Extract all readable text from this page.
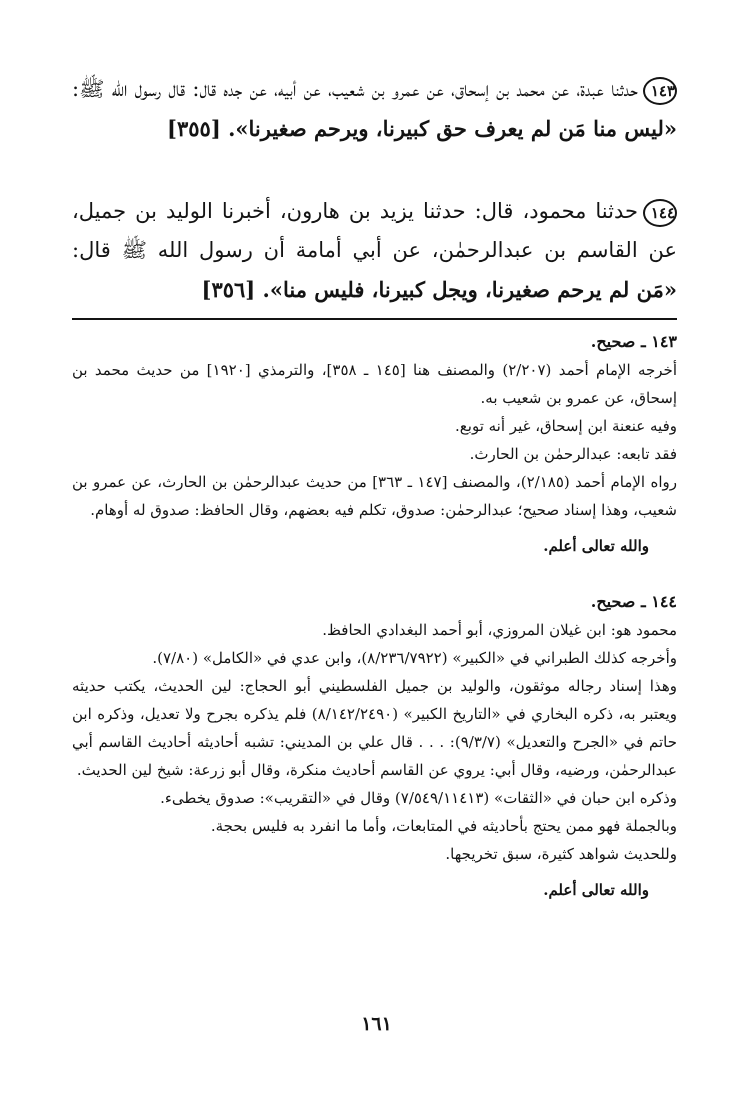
١٤٣حدثنا عبدة، عن محمد بن إسحاق، عن عمرو بن شعيب، عن أبيه، عن جده قال: قال رسول الله ﷺ: «ليس منا مَن لم يعرف حق كبيرنا، ويرحم صغيرنا». [٣٥٥]
١٤٤حدثنا محمود، قال: حدثنا يزيد بن هارون، أخبرنا الوليد بن جميل، عن القاسم بن عبدالرحمٰن، عن أبي أمامة أن رسول الله ﷺ قال: «مَن لم يرحم صغيرنا، ويجل كبيرنا، فليس منا». [٣٥٦]

١٤٣ ـ صحيح.

أخرجه الإمام أحمد (٢/٢٠٧) والمصنف هنا [١٤٥ ـ ٣٥٨]، والترمذي [١٩٢٠] من حديث محمد بن إسحاق، عن عمرو بن شعيب به.

وفيه عنعنة ابن إسحاق، غير أنه توبع.

فقد تابعه: عبدالرحمٰن بن الحارث.

رواه الإمام أحمد (٢/١٨٥)، والمصنف [١٤٧ ـ ٣٦٣] من حديث عبدالرحمٰن بن الحارث، عن عمرو بن شعيب، وهذا إسناد صحيح؛ عبدالرحمٰن: صدوق، تكلم فيه بعضهم، وقال الحافظ: صدوق له أوهام.

والله تعالى أعلم.

١٤٤ ـ صحيح.

محمود هو: ابن غيلان المروزي، أبو أحمد البغدادي الحافظ.

وأخرجه كذلك الطبراني في «الكبير» (٨/٢٣٦/٧٩٢٢)، وابن عدي في «الكامل» (٧/٨٠).

وهذا إسناد رجاله موثقون، والوليد بن جميل الفلسطيني أبو الحجاج: لين الحديث، يكتب حديثه ويعتبر به، ذكره البخاري في «التاريخ الكبير» (٨/١٤٢/٢٤٩٠) فلم يذكره بجرح ولا تعديل، وذكره ابن حاتم في «الجرح والتعديل» (٩/٣/٧): . . . قال علي بن المديني: تشبه أحاديثه أحاديث القاسم أبي عبدالرحمٰن، ورضيه، وقال أبي: يروي عن القاسم أحاديث منكرة، وقال أبو زرعة: شيخ لين الحديث.

وذكره ابن حبان في «الثقات» (٧/٥٤٩/١١٤١٣) وقال في «التقريب»: صدوق يخطىء.

وبالجملة فهو ممن يحتج بأحاديثه في المتابعات، وأما ما انفرد به فليس بحجة.

وللحديث شواهد كثيرة، سبق تخريجها.

والله تعالى أعلم.

١٦١
